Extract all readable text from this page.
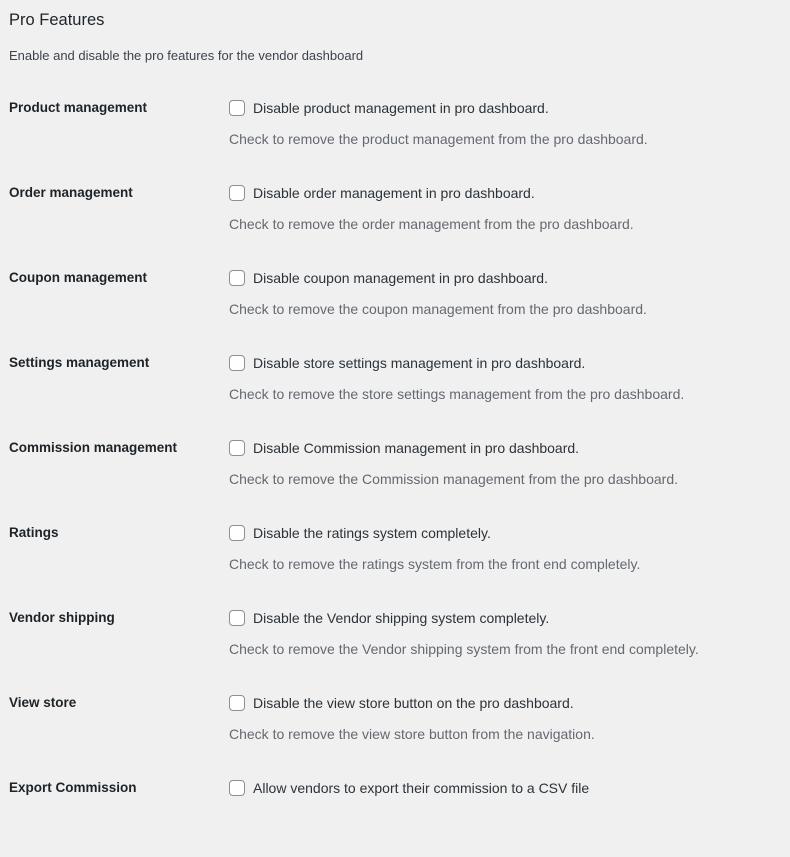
Pro Features

Enable and disable the pro features for the vendor dashboard

Product management	Disable product management in pro dashboard.
Check to remove the product management from the pro dashboard.
Order management	Disable order management in pro dashboard.
Check to remove the order management from the pro dashboard.
Coupon management	Disable coupon management in pro dashboard.
Check to remove the coupon management from the pro dashboard.
Settings management	Disable store settings management in pro dashboard.
Check to remove the store settings management from the pro dashboard.
Commission management	Disable Commission management in pro dashboard.
Check to remove the Commission management from the pro dashboard.
Ratings	Disable the ratings system completely.
Check to remove the ratings system from the front end completely.
Vendor shipping	Disable the Vendor shipping system completely.
Check to remove the Vendor shipping system from the front end completely.
View store	Disable the view store button on the pro dashboard.
Check to remove the view store button from the navigation.
Export Commission	Allow vendors to export their commission to a CSV file
